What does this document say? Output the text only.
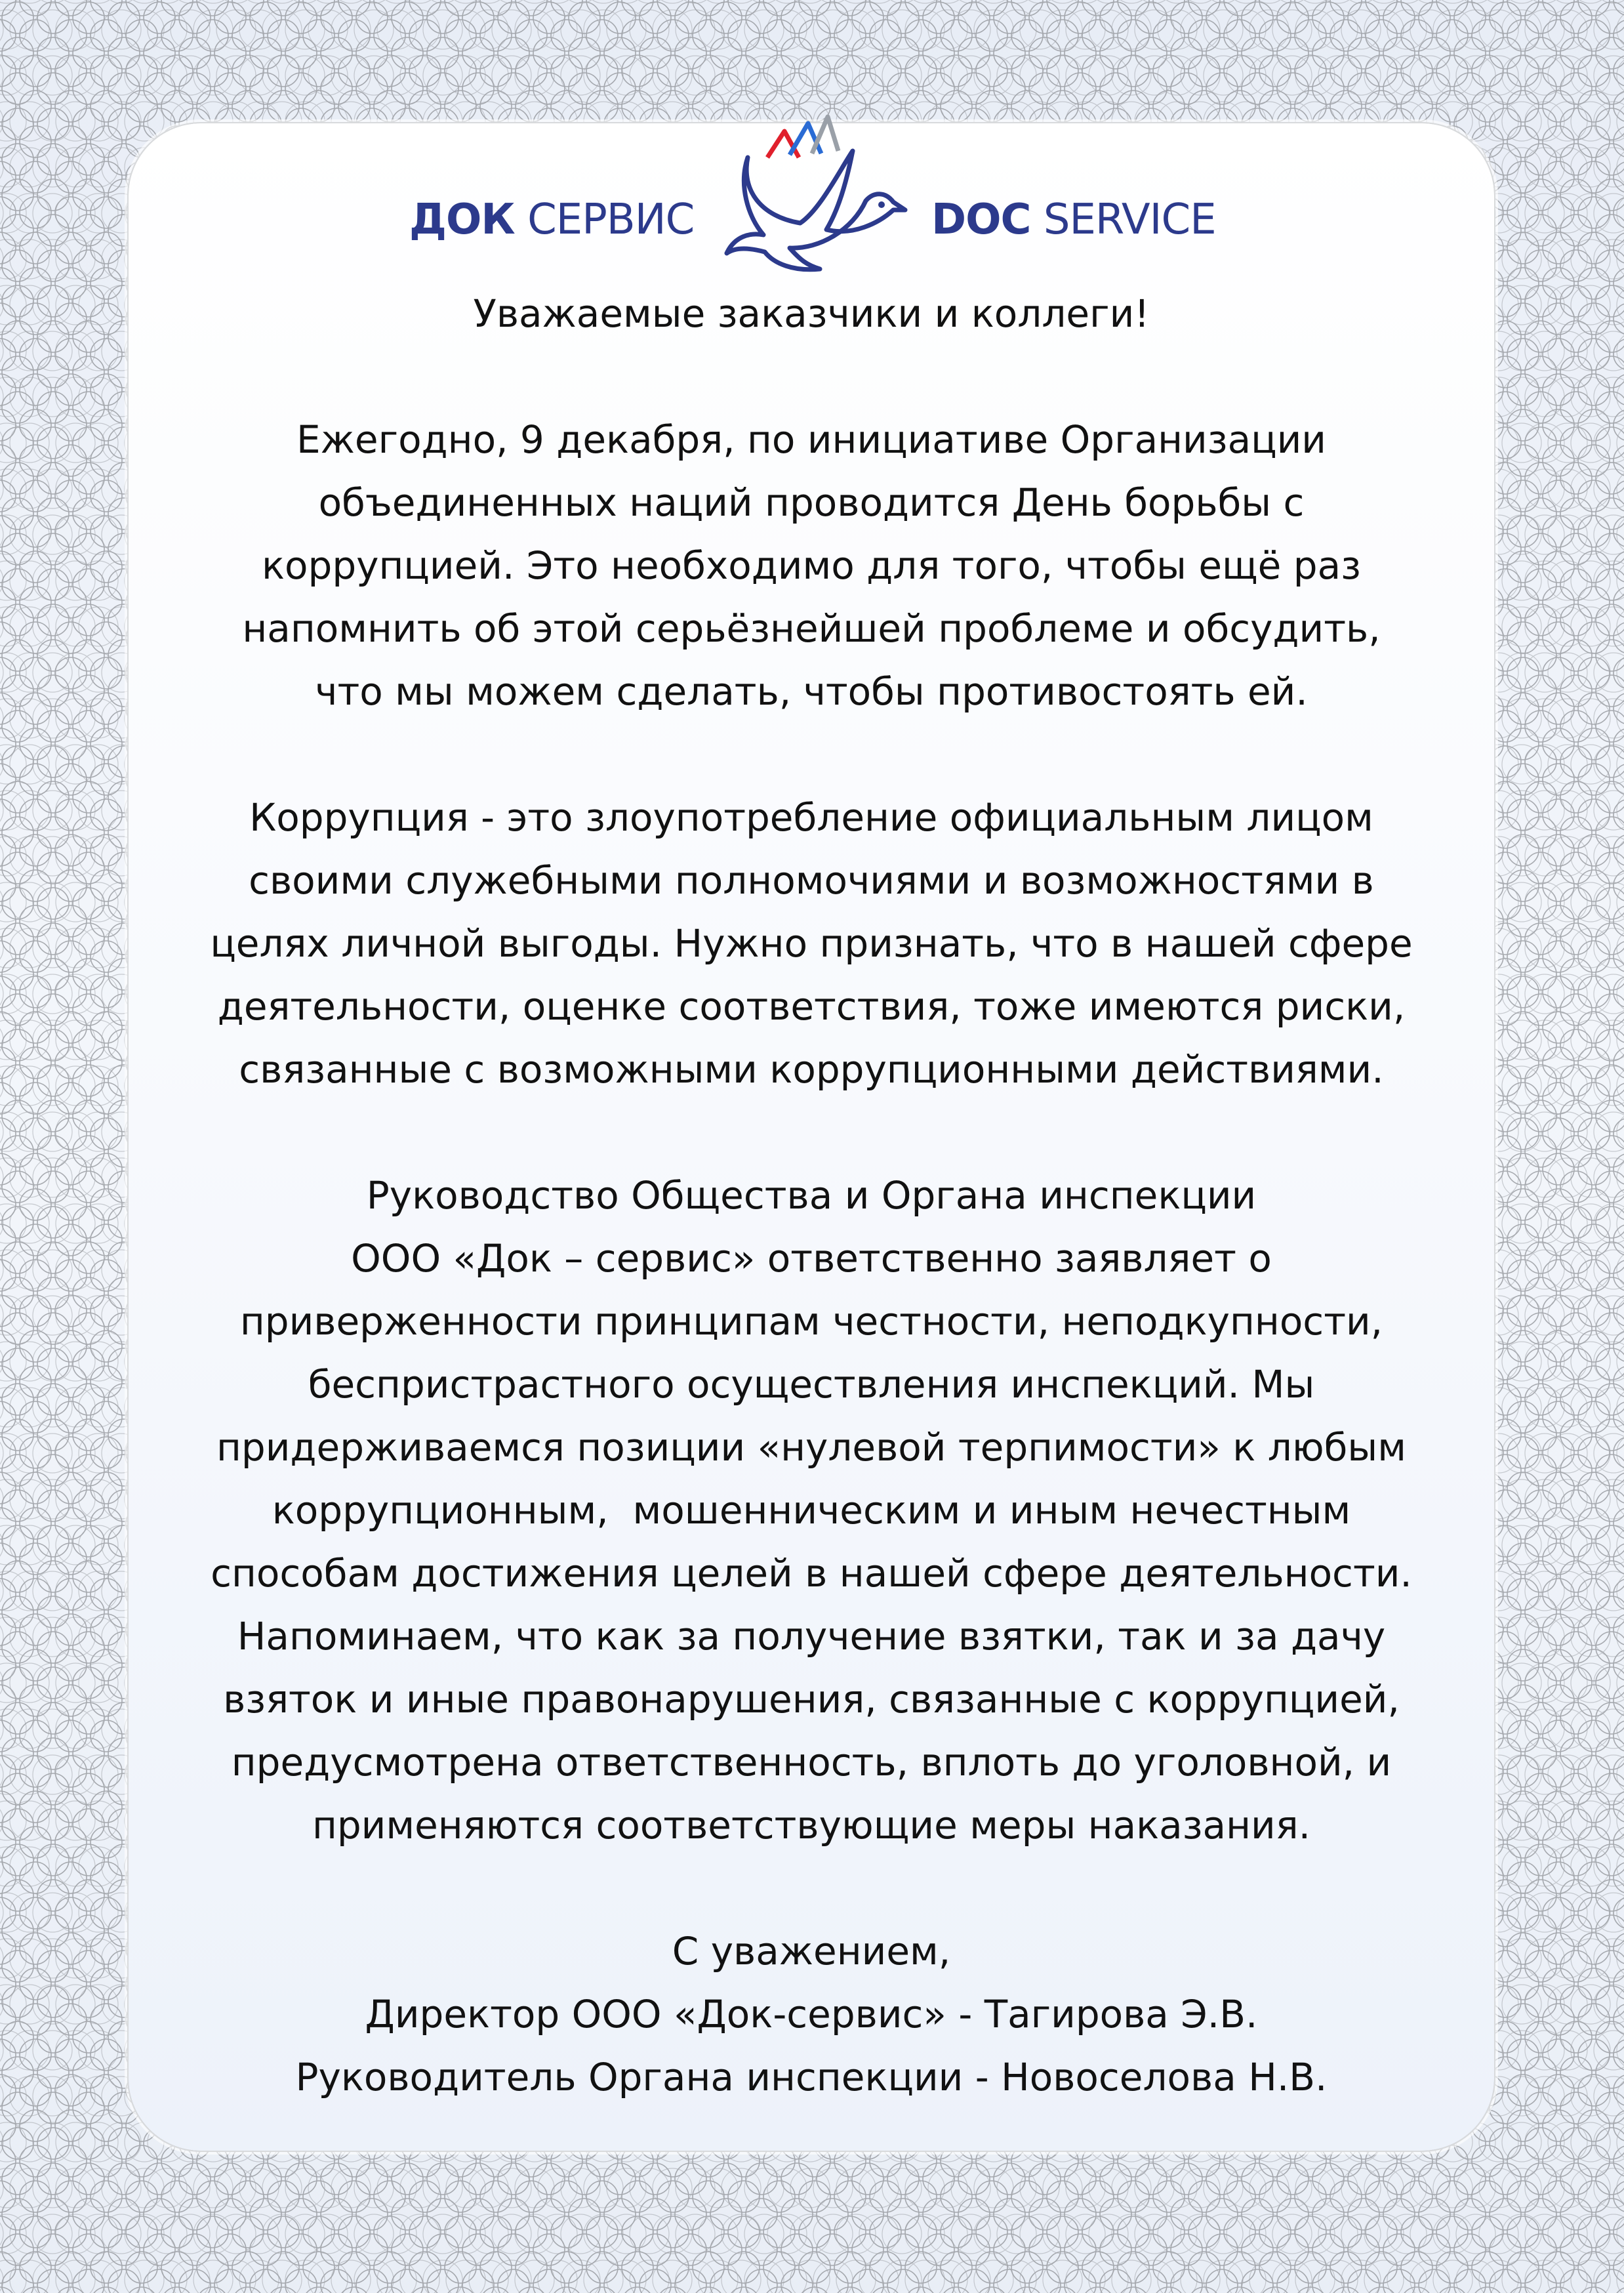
ДОК СЕРВИС	DOC SERVICE

Уважаемые заказчики и коллеги!

Ежегодно, 9 декабря, по инициативе Организации
объединенных наций проводится День борьбы с
коррупцией. Это необходимо для того, чтобы ещё раз
напомнить об этой серьёзнейшей проблеме и обсудить,
что мы можем сделать, чтобы противостоять ей.

Коррупция - это злоупотребление официальным лицом
своими служебными полномочиями и возможностями в
целях личной выгоды. Нужно признать, что в нашей сфере
деятельности, оценке соответствия, тоже имеются риски,
связанные с возможными коррупционными действиями.

Руководство Общества и Органа инспекции
ООО «Док – сервис» ответственно заявляет о
приверженности принципам честности, неподкупности,
беспристрастного осуществления инспекций. Мы
придерживаемся позиции «нулевой терпимости» к любым
коррупционным,  мошенническим и иным нечестным
способам достижения целей в нашей сфере деятельности.
Напоминаем, что как за получение взятки, так и за дачу
взяток и иные правонарушения, связанные с коррупцией,
предусмотрена ответственность, вплоть до уголовной, и
применяются соответствующие меры наказания.

С уважением,
Директор ООО «Док-сервис» - Тагирова Э.В.
Руководитель Органа инспекции - Новоселова Н.В.
